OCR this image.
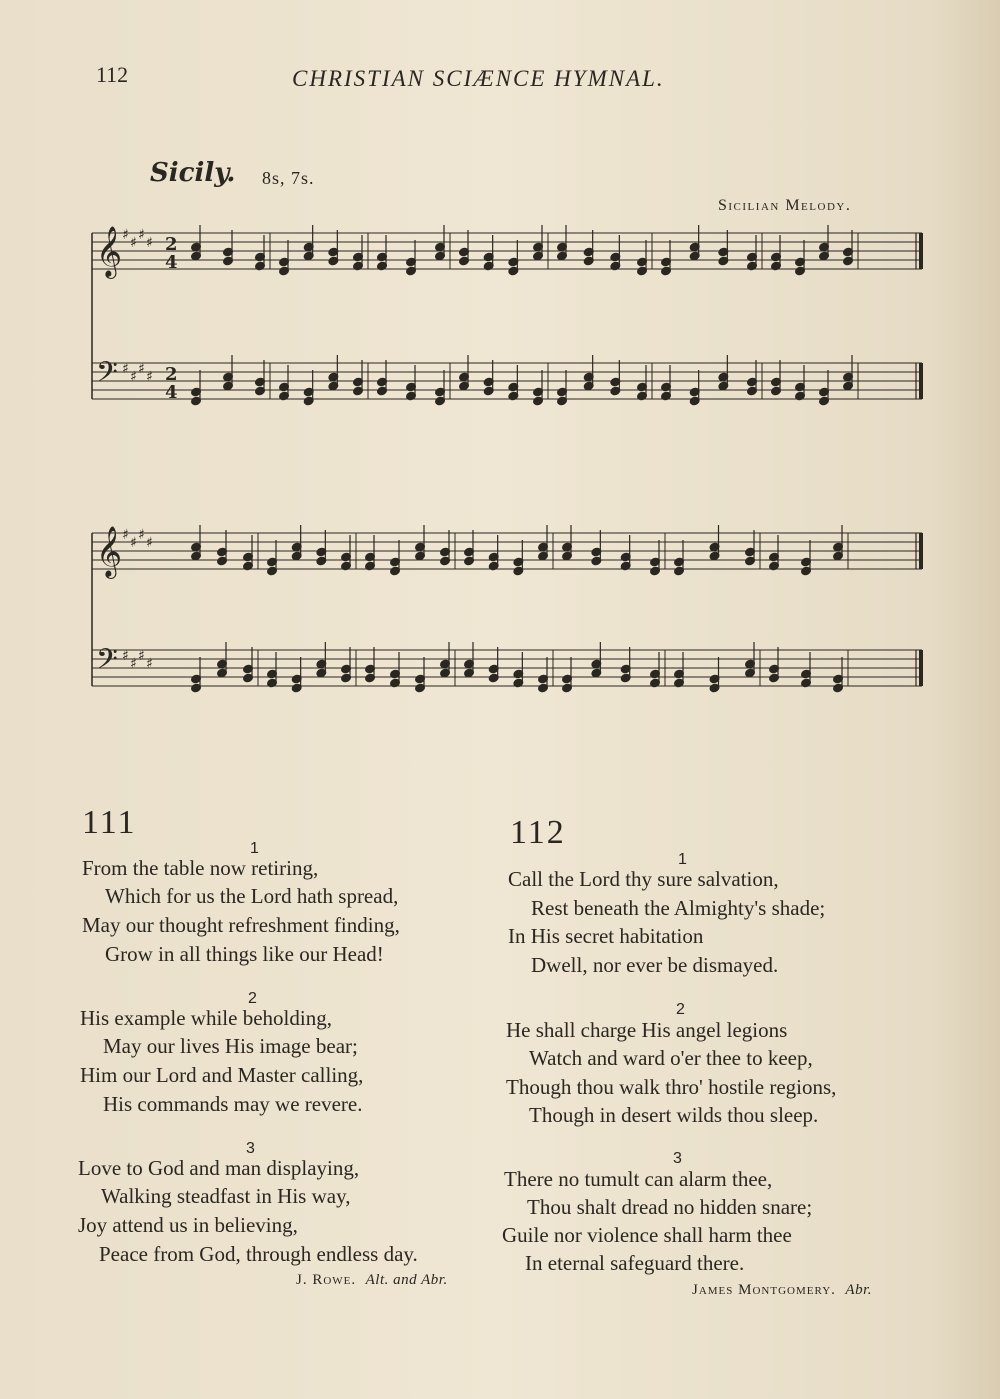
112	CHRISTIAN SCIÆNCE HYMNAL.
Sicily. 8s, 7s.
Sicilian Melody.
𝄞 ♯ ♯ ♯ ♯ 2
4
𝄢 ♯ ♯ ♯ ♯ 2
4
𝄞 ♯ ♯ ♯ ♯
𝄢 ♯ ♯ ♯ ♯
111
1
From the table now retiring,
Which for us the Lord hath spread,
May our thought refreshment finding,
Grow in all things like our Head!
2
His example while beholding,
May our lives His image bear;
Him our Lord and Master calling,
His commands may we revere.
3
Love to God and man displaying,
Walking steadfast in His way,
Joy attend us in believing,
Peace from God, through endless day.
J. Rowe. Alt. and Abr.
112
1
Call the Lord thy sure salvation,
Rest beneath the Almighty's shade;
In His secret habitation
Dwell, nor ever be dismayed.
2
He shall charge His angel legions
Watch and ward o'er thee to keep,
Though thou walk thro' hostile regions,
Though in desert wilds thou sleep.
3
There no tumult can alarm thee,
Thou shalt dread no hidden snare;
Guile nor violence shall harm thee
In eternal safeguard there.
James Montgomery. Abr.
